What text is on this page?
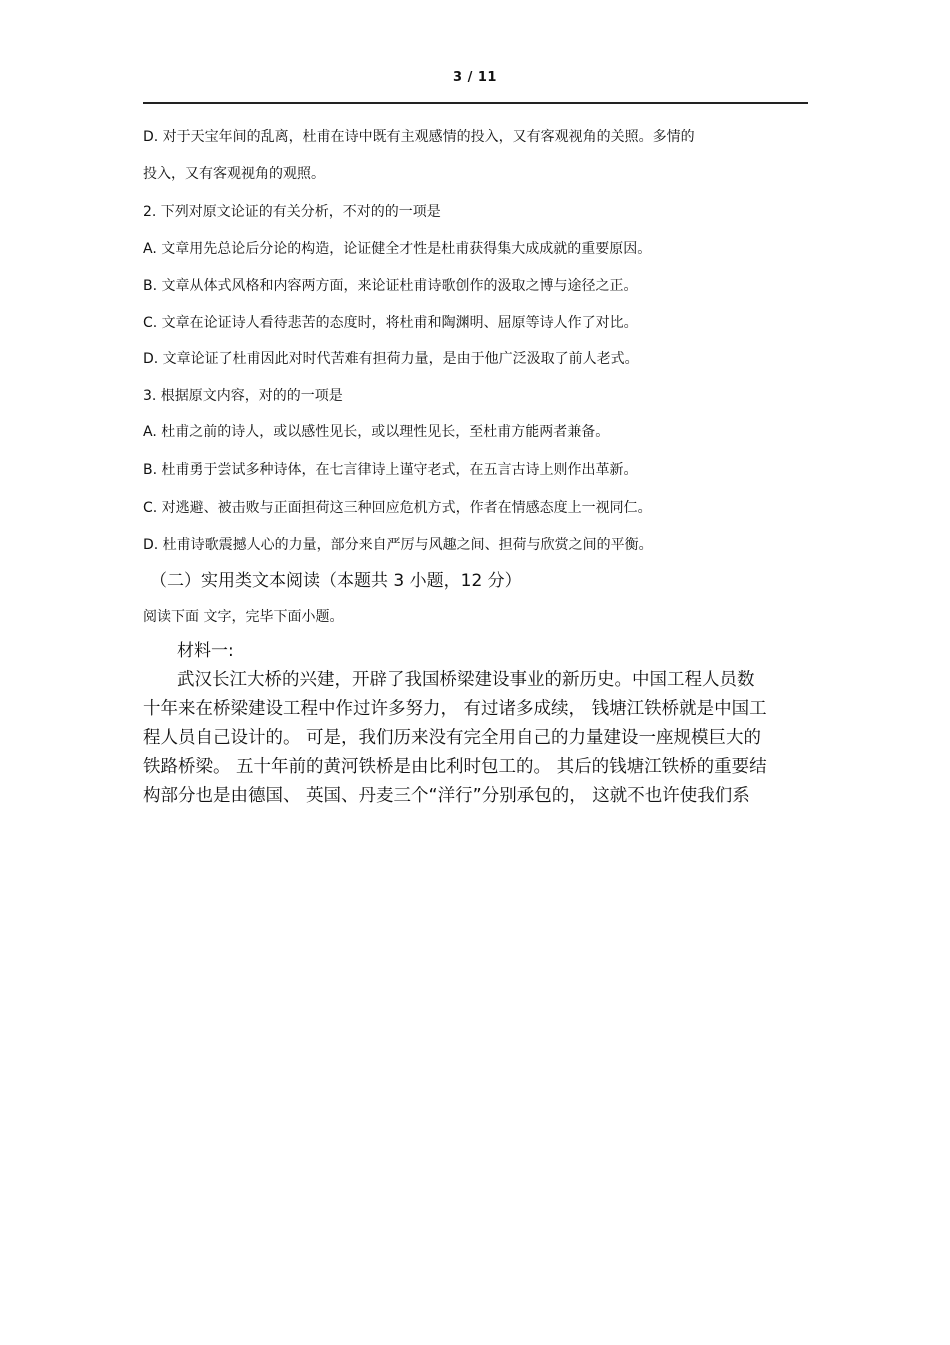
3 / 11
D. 对于天宝年间的乱离，杜甫在诗中既有主观感情的投入，又有客观视角的关照。多情的
投入，又有客观视角的观照。
2. 下列对原文论证的有关分析，不对的的一项是
A. 文章用先总论后分论的构造，论证健全才性是杜甫获得集大成成就的重要原因。
B. 文章从体式风格和内容两方面，来论证杜甫诗歌创作的汲取之博与途径之正。
C. 文章在论证诗人看待悲苦的态度时，将杜甫和陶渊明、屈原等诗人作了对比。
D. 文章论证了杜甫因此对时代苦难有担荷力量，是由于他广泛汲取了前人老式。
3. 根据原文内容，对的的一项是
A. 杜甫之前的诗人，或以感性见长，或以理性见长，至杜甫方能两者兼备。
B. 杜甫勇于尝试多种诗体，在七言律诗上谨守老式，在五言古诗上则作出革新。
C. 对逃避、被击败与正面担荷这三种回应危机方式，作者在情感态度上一视同仁。
D. 杜甫诗歌震撼人心的力量，部分来自严厉与风趣之间、担荷与欣赏之间的平衡。
（二）实用类文本阅读（本题共 3 小题，12 分）
阅读下面 文字，完毕下面小题。
材料一:
武汉长江大桥的兴建，开辟了我国桥梁建设事业的新历史。中国工程人员数
十年来在桥梁建设工程中作过许多努力， 有过诸多成续， 钱塘江铁桥就是中国工
程人员自己设计的。 可是，我们历来没有完全用自己的力量建设一座规模巨大的
铁路桥梁。 五十年前的黄河铁桥是由比利时包工的。 其后的钱塘江铁桥的重要结
构部分也是由德国、 英国、丹麦三个“洋行”分别承包的， 这就不也许使我们系
